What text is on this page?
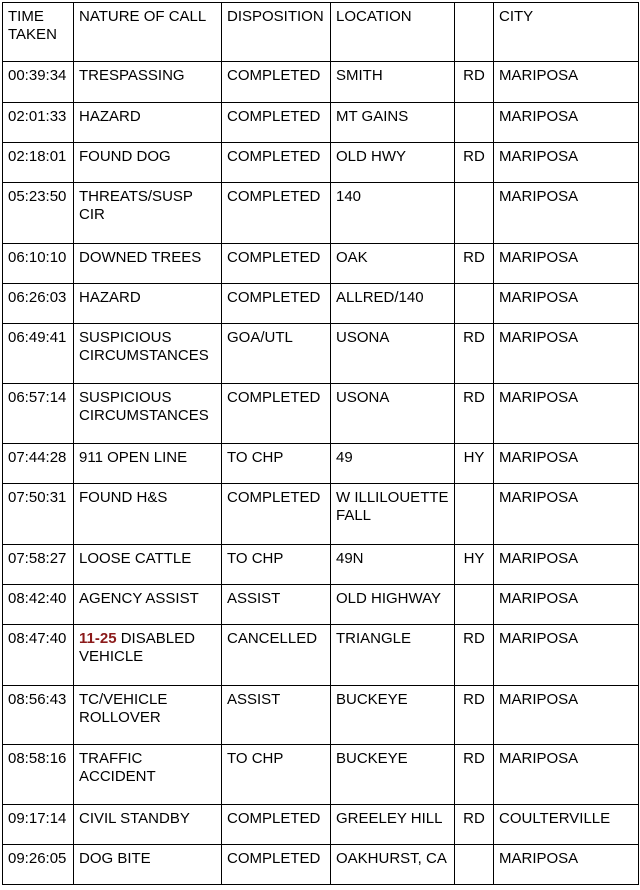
TIME TAKEN	NATURE OF CALL	DISPOSITION	LOCATION		CITY
00:39:34	TRESPASSING	COMPLETED	SMITH	RD	MARIPOSA
02:01:33	HAZARD	COMPLETED	MT GAINS		MARIPOSA
02:18:01	FOUND DOG	COMPLETED	OLD HWY	RD	MARIPOSA
05:23:50	THREATS/SUSP CIR	COMPLETED	140		MARIPOSA
06:10:10	DOWNED TREES	COMPLETED	OAK	RD	MARIPOSA
06:26:03	HAZARD	COMPLETED	ALLRED/140		MARIPOSA
06:49:41	SUSPICIOUS CIRCUMSTANCES	GOA/UTL	USONA	RD	MARIPOSA
06:57:14	SUSPICIOUS CIRCUMSTANCES	COMPLETED	USONA	RD	MARIPOSA
07:44:28	911 OPEN LINE	TO CHP	49	HY	MARIPOSA
07:50:31	FOUND H&S	COMPLETED	W ILLILOUETTE FALL		MARIPOSA
07:58:27	LOOSE CATTLE	TO CHP	49N	HY	MARIPOSA
08:42:40	AGENCY ASSIST	ASSIST	OLD HIGHWAY		MARIPOSA
08:47:40	11-25 DISABLED VEHICLE	CANCELLED	TRIANGLE	RD	MARIPOSA
08:56:43	TC/VEHICLE ROLLOVER	ASSIST	BUCKEYE	RD	MARIPOSA
08:58:16	TRAFFIC ACCIDENT	TO CHP	BUCKEYE	RD	MARIPOSA
09:17:14	CIVIL STANDBY	COMPLETED	GREELEY HILL	RD	COULTERVILLE
09:26:05	DOG BITE	COMPLETED	OAKHURST, CA		MARIPOSA
